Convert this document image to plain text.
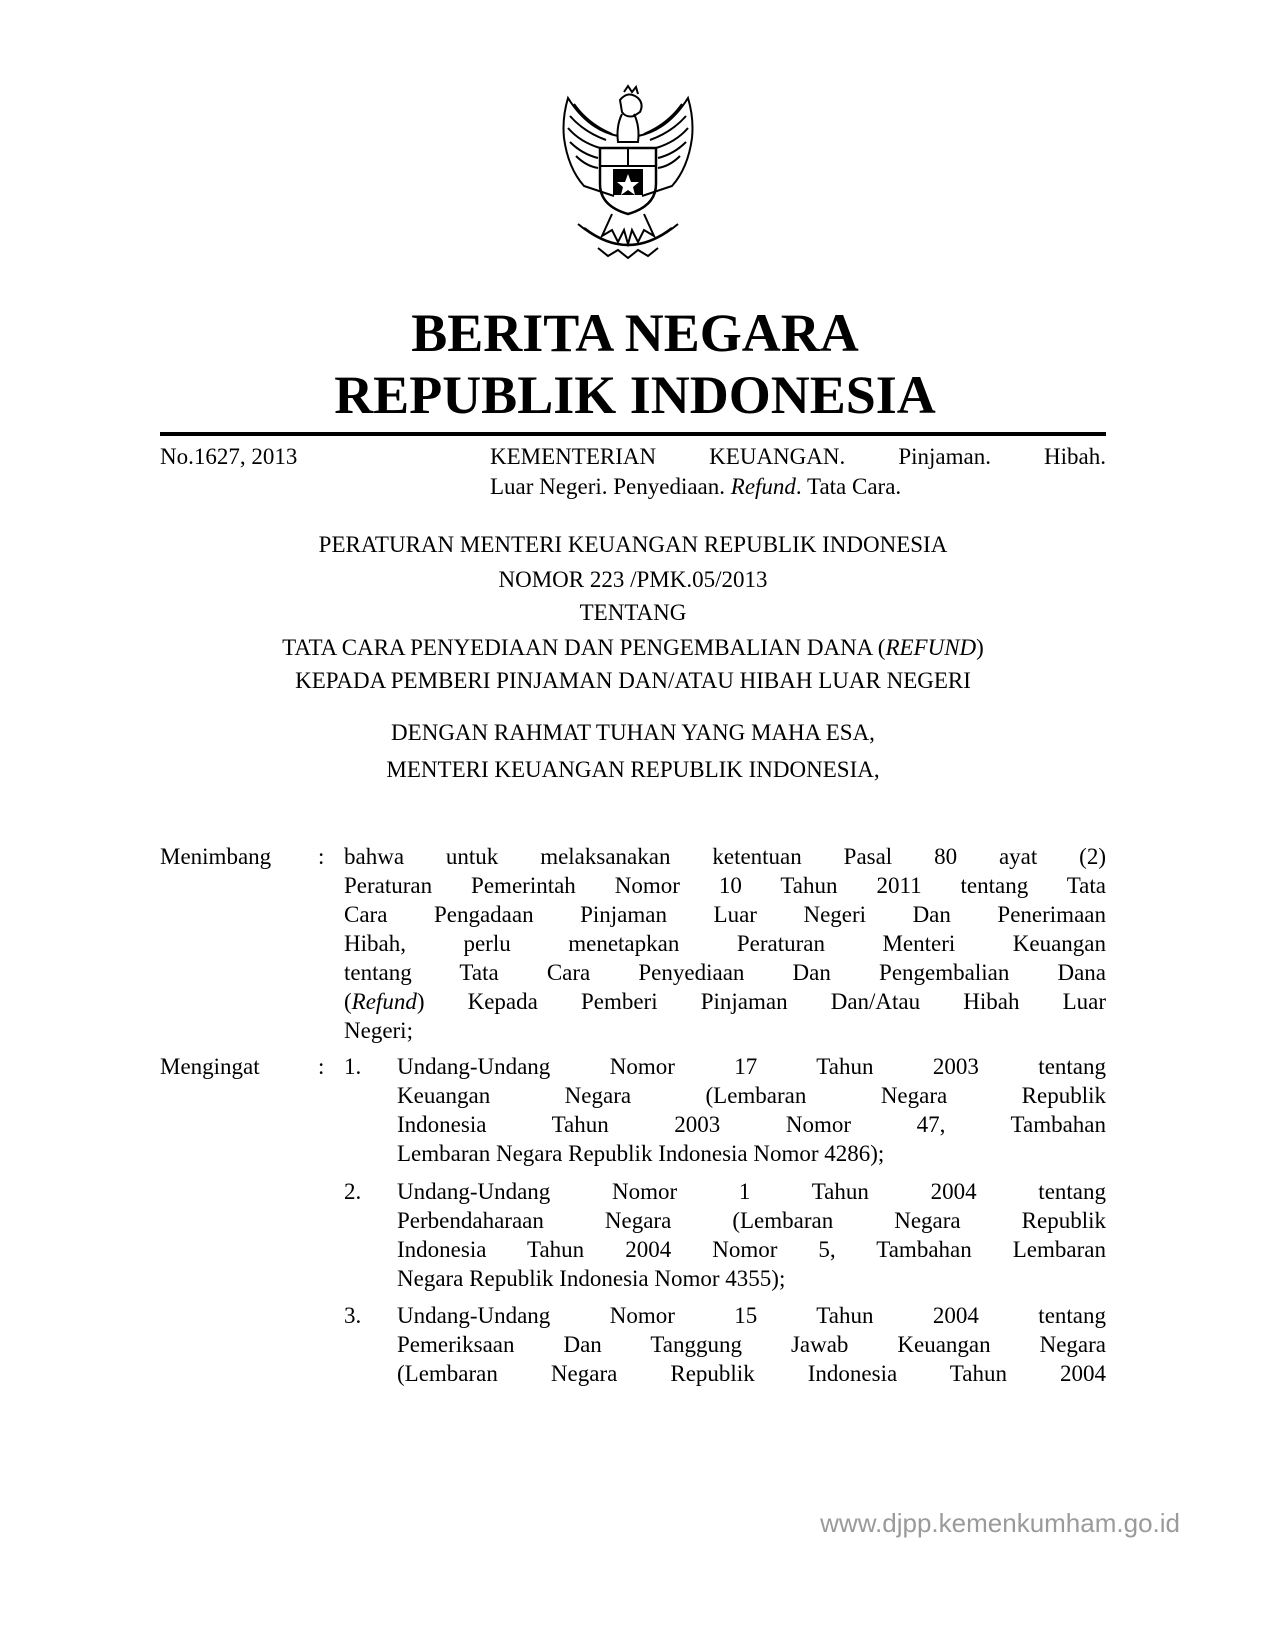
BERITA NEGARA
REPUBLIK INDONESIA
No.1627, 2013	KEMENTERIAN KEUANGAN. Pinjaman. Hibah.
Luar Negeri. Penyediaan. Refund. Tata Cara.
PERATURAN MENTERI KEUANGAN REPUBLIK INDONESIA
NOMOR 223 /PMK.05/2013
TENTANG
TATA CARA PENYEDIAAN DAN PENGEMBALIAN DANA (REFUND)
KEPADA PEMBERI PINJAMAN DAN/ATAU HIBAH LUAR NEGERI
DENGAN RAHMAT TUHAN YANG MAHA ESA,
MENTERI KEUANGAN REPUBLIK INDONESIA,
Menimbang : bahwa untuk melaksanakan ketentuan Pasal 80 ayat (2)
Peraturan Pemerintah Nomor 10 Tahun 2011 tentang Tata
Cara Pengadaan Pinjaman Luar Negeri Dan Penerimaan
Hibah, perlu menetapkan Peraturan Menteri Keuangan
tentang Tata Cara Penyediaan Dan Pengembalian Dana
(Refund) Kepada Pemberi Pinjaman Dan/Atau Hibah Luar
Negeri;
Mengingat	: 1. Undang-Undang Nomor 17 Tahun 2003 tentang
Keuangan Negara (Lembaran Negara Republik
Indonesia Tahun 2003 Nomor 47, Tambahan
Lembaran Negara Republik Indonesia Nomor 4286);
2. Undang-Undang Nomor 1 Tahun 2004 tentang
Perbendaharaan Negara (Lembaran Negara Republik
Indonesia Tahun 2004 Nomor 5, Tambahan Lembaran
Negara Republik Indonesia Nomor 4355);
3. Undang-Undang Nomor 15 Tahun 2004 tentang
Pemeriksaan Dan Tanggung Jawab Keuangan Negara
(Lembaran Negara Republik Indonesia Tahun 2004
www.djpp.kemenkumham.go.id
